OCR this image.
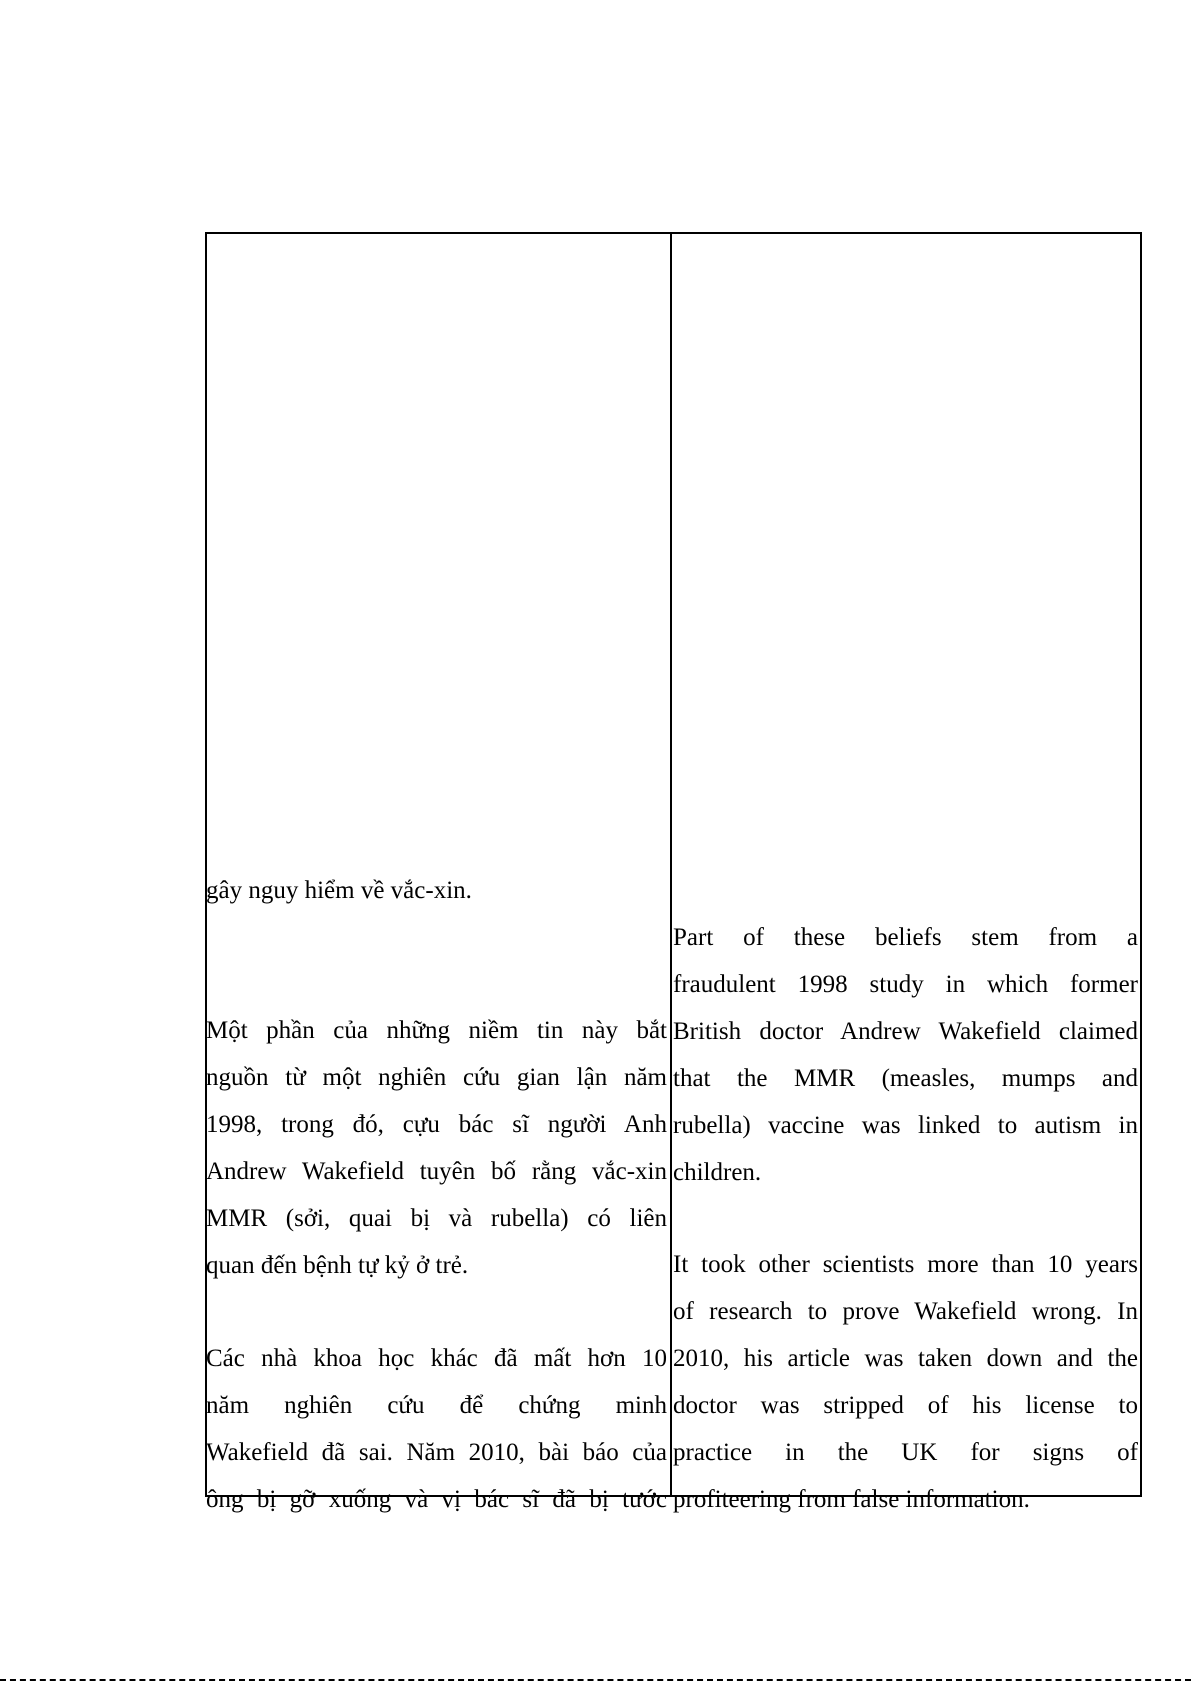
gây nguy hiểm về vắc-xin.

Một phần của những niềm tin này bắt

nguồn từ một nghiên cứu gian lận năm

1998, trong đó, cựu bác sĩ người Anh

Andrew Wakefield tuyên bố rằng vắc-xin

MMR (sởi, quai bị và rubella) có liên

quan đến bệnh tự kỷ ở trẻ.

Các nhà khoa học khác đã mất hơn 10

năm nghiên cứu để chứng minh

Wakefield đã sai. Năm 2010, bài báo của

ông bị gỡ xuống và vị bác sĩ đã bị tước

Part of these beliefs stem from a

fraudulent 1998 study in which former

British doctor Andrew Wakefield claimed

that the MMR (measles, mumps and

rubella) vaccine was linked to autism in

children.

It took other scientists more than 10 years

of research to prove Wakefield wrong. In

2010, his article was taken down and the

doctor was stripped of his license to

practice in the UK for signs of

profiteering from false information.
